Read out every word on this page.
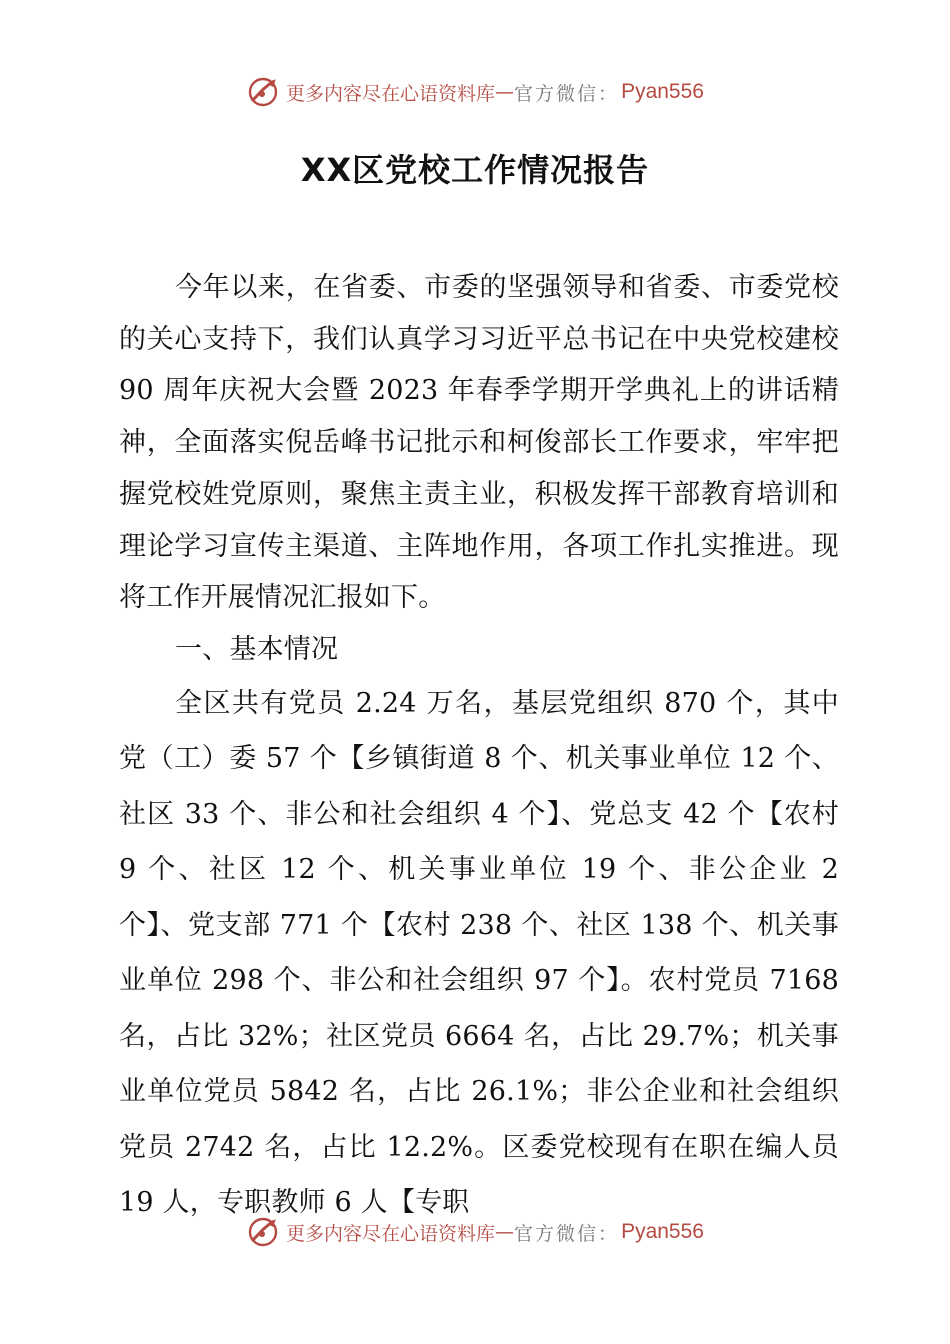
更多内容尽在心语资料库 — 官方微信： Pyan556
XX区党校工作情况报告

今年以来，在省委、市委的坚强领导和省委、市委党校的关心支持下，我们认真学习习近平总书记在中央党校建校 90 周年庆祝大会暨 2023 年春季学期开学典礼上的讲话精神，全面落实倪岳峰书记批示和柯俊部长工作要求，牢牢把握党校姓党原则，聚焦主责主业，积极发挥干部教育培训和理论学习宣传主渠道、主阵地作用，各项工作扎实推进。现将工作开展情况汇报如下。

一、基本情况

全区共有党员 2.24 万名，基层党组织 870 个，其中党（工）委 57 个【乡镇街道 8 个、机关事业单位 12 个、社区 33 个、非公和社会组织 4 个】、党总支 42 个【农村 9 个、社区 12 个、机关事业单位 19 个、非公企业 2 个】、党支部 771 个【农村 238 个、社区 138 个、机关事业单位 298 个、非公和社会组织 97 个】。农村党员 7168 名，占比 32%；社区党员 6664 名，占比 29.7%；机关事业单位党员 5842 名，占比 26.1%；非公企业和社会组织党员 2742 名，占比 12.2%。区委党校现有在职在编人员 19 人，专职教师 6 人【专职

更多内容尽在心语资料库 — 官方微信： Pyan556
